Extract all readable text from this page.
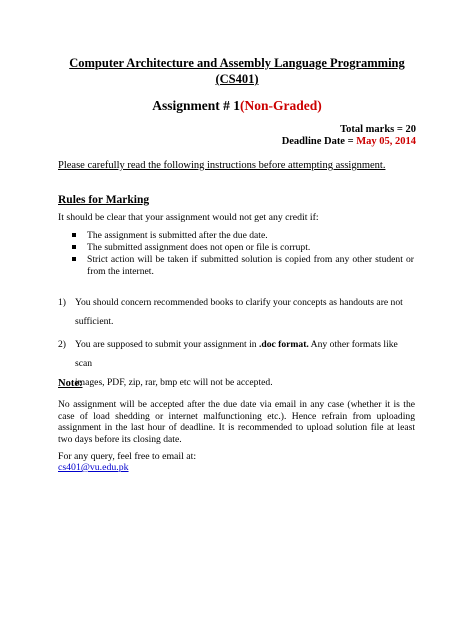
Computer Architecture and Assembly Language Programming
(CS401)
Assignment # 1(Non-Graded)
Total marks = 20
Deadline Date = May 05, 2014
Please carefully read the following instructions before attempting assignment.
Rules for Marking
It should be clear that your assignment would not get any credit if:
The assignment is submitted after the due date.
The submitted assignment does not open or file is corrupt.
Strict action will be taken if submitted solution is copied from any other student or from the internet.
1) You should concern recommended books to clarify your concepts as handouts are not
sufficient.
2) You are supposed to submit your assignment in .doc format. Any other formats like scan
images, PDF, zip, rar, bmp etc will not be accepted.
Note:
No assignment will be accepted after the due date via email in any case (whether it is the case of load shedding or internet malfunctioning etc.). Hence refrain from uploading assignment in the last hour of deadline. It is recommended to upload solution file at least two days before its closing date.
For any query, feel free to email at:
cs401@vu.edu.pk
